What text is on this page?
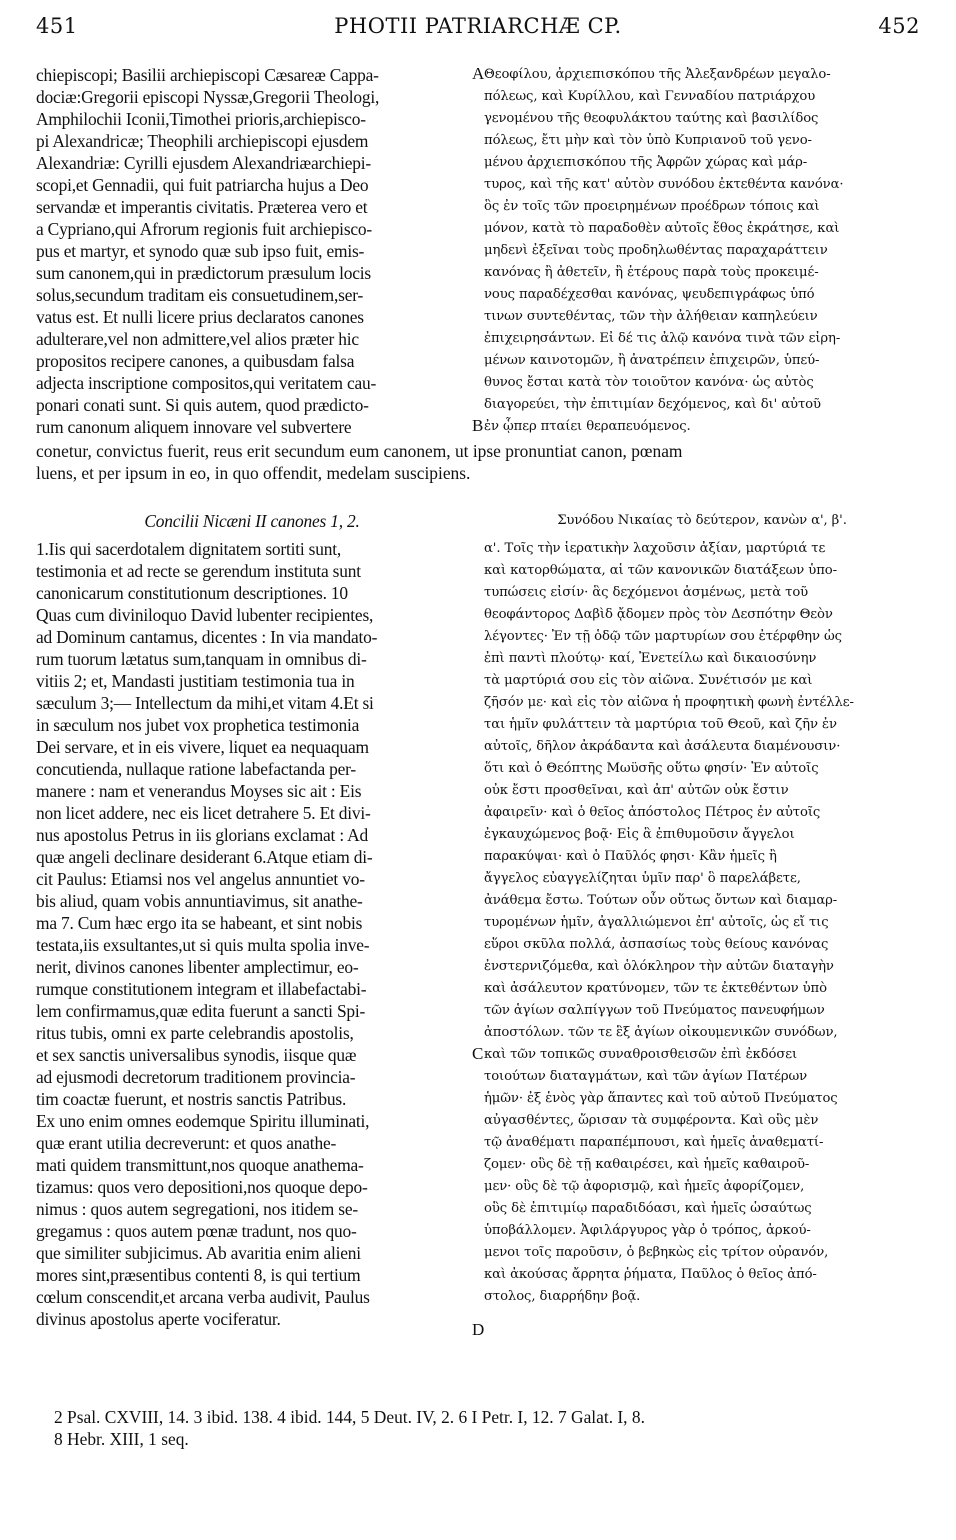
451	PHOTII PATRIARCHÆ CP.	452
chiepiscopi; Basilii archiepiscopi Cæsareæ Cappa-
dociæ:Gregorii episcopi Nyssæ,Gregorii Theologi,
Amphilochii Iconii,Timothei prioris,archiepisco-
pi Alexandricæ; Theophili archiepiscopi ejusdem
Alexandriæ: Cyrilli ejusdem Alexandriæarchiepi-
scopi,et Gennadii, qui fuit patriarcha hujus a Deo
servandæ et imperantis civitatis. Præterea vero et
a Cypriano,qui Afrorum regionis fuit archiepisco-
pus et martyr, et synodo quæ sub ipso fuit, emis-
sum canonem,qui in prædictorum præsulum locis
solus,secundum traditam eis consuetudinem,ser-
vatus est. Et nulli licere prius declaratos canones
adulterare,vel non admittere,vel alios præter hic
propositos recipere canones, a quibusdam falsa
adjecta inscriptione compositos,qui veritatem cau-
ponari conati sunt. Si quis autem, quod prædicto-
rum canonum aliquem innovare vel subvertere
Θεοφίλου, ἀρχιεπισκόπου τῆς Ἀλεξανδρέων μεγαλο-
πόλεως, καὶ Κυρίλλου, καὶ Γενναδίου πατριάρχου
γενομένου τῆς θεοφυλάκτου ταύτης καὶ βασιλίδος
πόλεως, ἔτι μὴν καὶ τὸν ὑπὸ Κυπριανοῦ τοῦ γενο-
μένου ἀρχιεπισκόπου τῆς Ἀφρῶν χώρας καὶ μάρ-
τυρος, καὶ τῆς κατ' αὐτὸν συνόδου ἐκτεθέντα κανόνα·
ὃς ἐν τοῖς τῶν προειρημένων προέδρων τόποις καὶ
μόνον, κατὰ τὸ παραδοθὲν αὐτοῖς ἔθος ἐκράτησε, καὶ
μηδενὶ ἐξεῖναι τοὺς προδηλωθέντας παραχαράττειν
κανόνας ἢ ἀθετεῖν, ἢ ἑτέρους παρὰ τοὺς προκειμέ-
νους παραδέχεσθαι κανόνας, ψευδεπιγράφως ὑπό
τινων συντεθέντας, τῶν τὴν ἀλήθειαν καπηλεύειν
ἐπιχειρησάντων. Εἰ δέ τις ἀλῷ κανόνα τινὰ τῶν εἰρη-
μένων καινοτομῶν, ἢ ἀνατρέπειν ἐπιχειρῶν, ὑπεύ-
θυνος ἔσται κατὰ τὸν τοιοῦτον κανόνα· ὡς αὐτὸς
διαγορεύει, τὴν ἐπιτιμίαν δεχόμενος, καὶ δι' αὐτοῦ
ἐν ᾧπερ πταίει θεραπευόμενος.
A
B
C
D
conetur, convictus fuerit, reus erit secundum eum canonem, ut ipse pronuntiat canon, pœnam
luens, et per ipsum in eo, in quo offendit, medelam suscipiens.
Concilii Nicæni II canones 1, 2.	Συνόδου Νικαίας τὸ δεύτερον, κανὼν α', β'.
1.Iis qui sacerdotalem dignitatem sortiti sunt,
testimonia et ad recte se gerendum instituta sunt
canonicarum constitutionum descriptiones. 10
Quas cum diviniloquo David lubenter recipientes,
ad Dominum cantamus, dicentes : In via mandato-
rum tuorum lætatus sum,tanquam in omnibus di-
vitiis 2; et, Mandasti justitiam testimonia tua in
sæculum 3;— Intellectum da mihi,et vitam 4.Et si
in sæculum nos jubet vox prophetica testimonia
Dei servare, et in eis vivere, liquet ea nequaquam
concutienda, nullaque ratione labefactanda per-
manere : nam et venerandus Moyses sic ait : Eis
non licet addere, nec eis licet detrahere 5. Et divi-
nus apostolus Petrus in iis glorians exclamat : Ad
quæ angeli declinare desiderant 6.Atque etiam di-
cit Paulus: Etiamsi nos vel angelus annuntiet vo-
bis aliud, quam vobis annuntiavimus, sit anathe-
ma 7. Cum hæc ergo ita se habeant, et sint nobis
testata,iis exsultantes,ut si quis multa spolia inve-
nerit, divinos canones libenter amplectimur, eo-
rumque constitutionem integram et illabefactabi-
lem confirmamus,quæ edita fuerunt a sancti Spi-
ritus tubis, omni ex parte celebrandis apostolis,
et sex sanctis universalibus synodis, iisque quæ
ad ejusmodi decretorum traditionem provincia-
tim coactæ fuerunt, et nostris sanctis Patribus.
Ex uno enim omnes eodemque Spiritu illuminati,
quæ erant utilia decreverunt: et quos anathe-
mati quidem transmittunt,nos quoque anathema-
tizamus: quos vero depositioni,nos quoque depo-
nimus : quos autem segregationi, nos itidem se-
gregamus : quos autem pœnæ tradunt, nos quo-
que similiter subjicimus. Ab avaritia enim alieni
mores sint,præsentibus contenti 8, is qui tertium
cœlum conscendit,et arcana verba audivit, Paulus
divinus apostolus aperte vociferatur.
α'. Τοῖς τὴν ἱερατικὴν λαχοῦσιν ἀξίαν, μαρτύριά τε
καὶ κατορθώματα, αἱ τῶν κανονικῶν διατάξεων ὑπο-
τυπώσεις εἰσίν· ἃς δεχόμενοι ἀσμένως, μετὰ τοῦ
θεοφάντορος Δαβὶδ ᾄδομεν πρὸς τὸν Δεσπότην Θεὸν
λέγοντες· Ἐν τῇ ὁδῷ τῶν μαρτυρίων σου ἐτέρφθην ὡς
ἐπὶ παντὶ πλούτῳ· καί, Ἐνετείλω καὶ δικαιοσύνην
τὰ μαρτύριά σου εἰς τὸν αἰῶνα. Συνέτισόν με καὶ
ζῆσόν με· καὶ εἰς τὸν αἰῶνα ἡ προφητικὴ φωνὴ ἐντέλλε-
ται ἡμῖν φυλάττειν τὰ μαρτύρια τοῦ Θεοῦ, καὶ ζῆν ἐν
αὐτοῖς, δῆλον ἀκράδαντα καὶ ἀσάλευτα διαμένουσιν·
ὅτι καὶ ὁ Θεόπτης Μωϋσῆς οὕτω φησίν· Ἐν αὐτοῖς
οὐκ ἔστι προσθεῖναι, καὶ ἀπ' αὐτῶν οὐκ ἔστιν
ἀφαιρεῖν· καὶ ὁ θεῖος ἀπόστολος Πέτρος ἐν αὐτοῖς
ἐγκαυχώμενος βοᾷ· Εἰς ἃ ἐπιθυμοῦσιν ἄγγελοι
παρακύψαι· καὶ ὁ Παῦλός φησι· Κἂν ἡμεῖς ἢ
ἄγγελος εὐαγγελίζηται ὑμῖν παρ' ὃ παρελάβετε,
ἀνάθεμα ἔστω. Τούτων οὖν οὕτως ὄντων καὶ διαμαρ-
τυρομένων ἡμῖν, ἀγαλλιώμενοι ἐπ' αὐτοῖς, ὡς εἴ τις
εὕροι σκῦλα πολλά, ἀσπασίως τοὺς θείους κανόνας
ἐνστερνιζόμεθα, καὶ ὁλόκληρον τὴν αὐτῶν διαταγὴν
καὶ ἀσάλευτον κρατύνομεν, τῶν τε ἐκτεθέντων ὑπὸ
τῶν ἁγίων σαλπίγγων τοῦ Πνεύματος πανευφήμων
ἀποστόλων. τῶν τε ἓξ ἁγίων οἰκουμενικῶν συνόδων,
καὶ τῶν τοπικῶς συναθροισθεισῶν ἐπὶ ἐκδόσει
τοιούτων διαταγμάτων, καὶ τῶν ἁγίων Πατέρων
ἡμῶν· ἐξ ἑνὸς γὰρ ἅπαντες καὶ τοῦ αὐτοῦ Πνεύματος
αὐγασθέντες, ὥρισαν τὰ συμφέροντα. Καὶ οὓς μὲν
τῷ ἀναθέματι παραπέμπουσι, καὶ ἡμεῖς ἀναθεματί-
ζομεν· οὓς δὲ τῇ καθαιρέσει, καὶ ἡμεῖς καθαιροῦ-
μεν· οὓς δὲ τῷ ἀφορισμῷ, καὶ ἡμεῖς ἀφορίζομεν,
οὓς δὲ ἐπιτιμίῳ παραδιδόασι, καὶ ἡμεῖς ὡσαύτως
ὑποβάλλομεν. Ἀφιλάργυρος γὰρ ὁ τρόπος, ἀρκού-
μενοι τοῖς παροῦσιν, ὁ βεβηκὼς εἰς τρίτον οὐρανόν,
καὶ ἀκούσας ἄρρητα ῥήματα, Παῦλος ὁ θεῖος ἀπό-
στολος, διαρρήδην βοᾷ.
2 Psal. CXVIII, 14. 3 ibid. 138. 4 ibid. 144, 5 Deut. IV, 2. 6 I Petr. I, 12. 7 Galat. I, 8.
8 Hebr. XIII, 1 seq.
